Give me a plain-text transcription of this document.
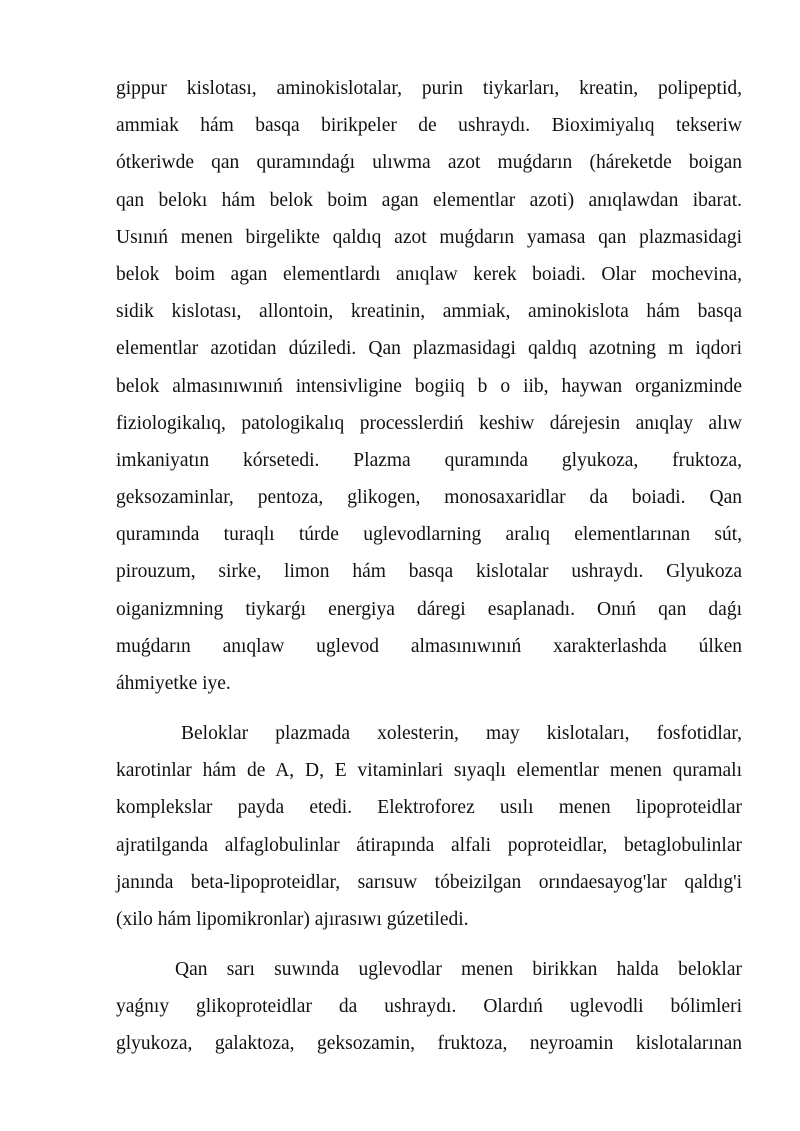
gippur kislotası, aminokislotalar, purin tiykarları, kreatin, polipeptid,
ammiak hám basqa birikpeler de ushraydı. Bioximiyalıq tekseriw
ótkeriwde qan quramındaǵı ulıwma azot muǵdarın (háreketde boigan
qan belokı hám belok boim agan elementlar azoti) anıqlawdan ibarat.
Usınıń menen birgelikte qaldıq azot muǵdarın yamasa qan plazmasidagi
belok boim agan elementlardı anıqlaw kerek boiadi. Olar mochevina,
sidik kislotası, allontoin, kreatinin, ammiak, aminokislota hám basqa
elementlar azotidan dúziledi. Qan plazmasidagi qaldıq azotning m iqdori
belok almasınıwınıń intensivligine bogiiq b o iib, haywan organizminde
fiziologikalıq, patologikalıq processlerdiń keshiw dárejesin anıqlay alıw
imkaniyatın kórsetedi. Plazma quramında glyukoza, fruktoza,
geksozaminlar, pentoza, glikogen, monosaxaridlar da boiadi. Qan
quramında turaqlı túrde uglevodlarning aralıq elementlarınan sút,
pirouzum, sirke, limon hám basqa kislotalar ushraydı. Glyukoza
oiganizmning tiykarǵı energiya dáregi esaplanadı. Onıń qan daǵı
muǵdarın anıqlaw uglevod almasınıwınıń xarakterlashda úlken
áhmiyetke iye.
Beloklar plazmada xolesterin, may kislotaları, fosfotidlar,
karotinlar hám de A, D, E vitaminlari sıyaqlı elementlar menen quramalı
komplekslar payda etedi. Elektroforez usılı menen lipoproteidlar
ajratilganda alfaglobulinlar átirapında alfali poproteidlar, betaglobulinlar
janında beta-lipoproteidlar, sarısuw tóbeizilgan orındaesayog'lar qaldıg'i
(xilo hám lipomikronlar) ajırasıwı gúzetiledi.
Qan sarı suwında uglevodlar menen birikkan halda beloklar
yaǵnıy glikoproteidlar da ushraydı. Olardıń uglevodli bólimleri
glyukoza, galaktoza, geksozamin, fruktoza, neyroamin kislotalarınan
